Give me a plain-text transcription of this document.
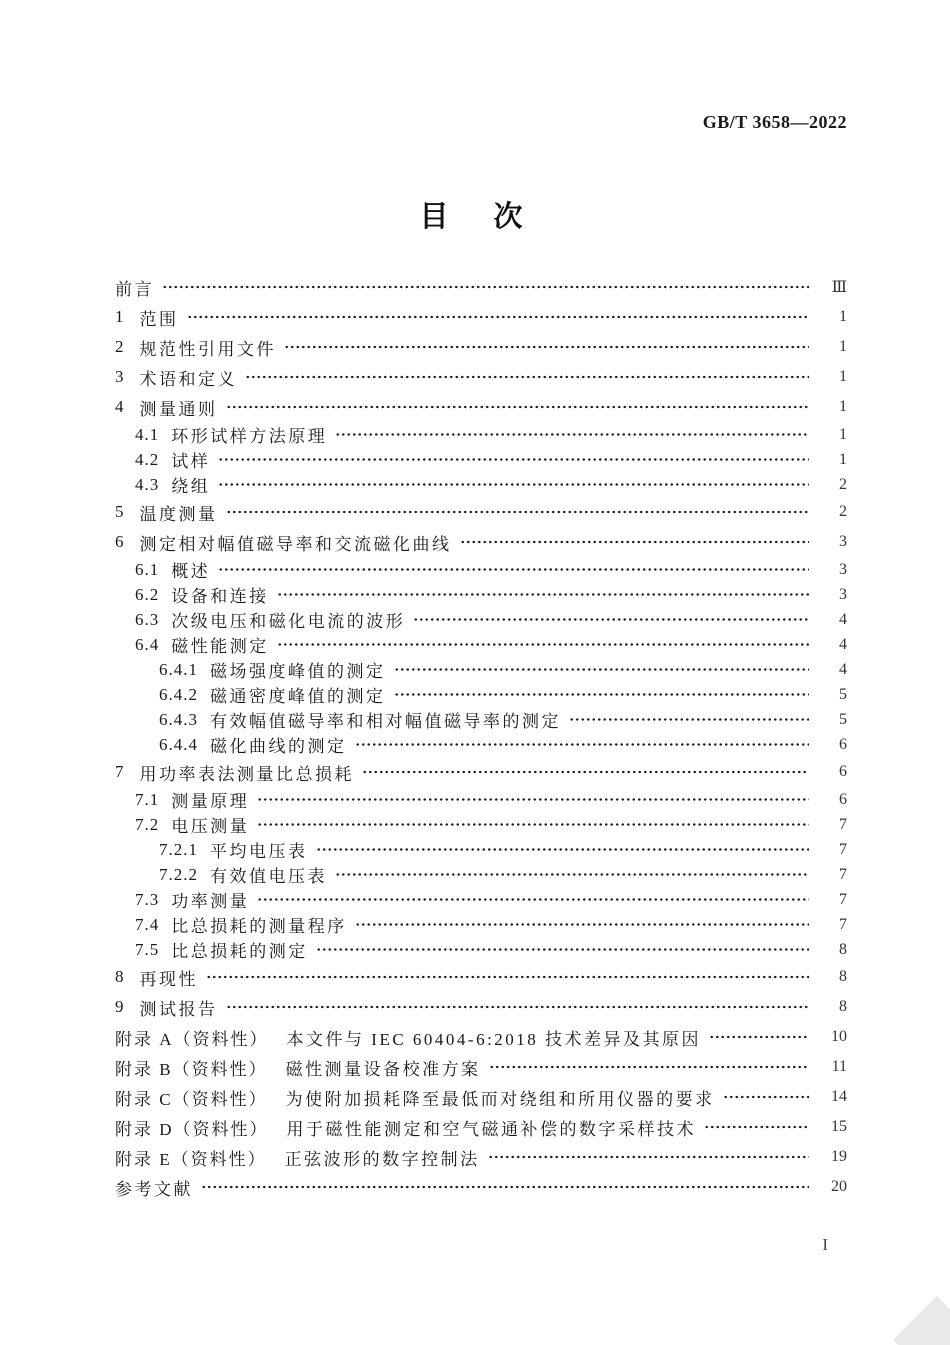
GB/T 3658—2022
目　次
前言	Ⅲ
1 范围	1
2 规范性引用文件	1
3 术语和定义	1
4 测量通则	1
4.1 环形试样方法原理	1
4.2 试样	1
4.3 绕组	2
5 温度测量	2
6 测定相对幅值磁导率和交流磁化曲线	3
6.1 概述	3
6.2 设备和连接	3
6.3 次级电压和磁化电流的波形	4
6.4 磁性能测定	4
6.4.1 磁场强度峰值的测定	4
6.4.2 磁通密度峰值的测定	5
6.4.3 有效幅值磁导率和相对幅值磁导率的测定	5
6.4.4 磁化曲线的测定	6
7 用功率表法测量比总损耗	6
7.1 测量原理	6
7.2 电压测量	7
7.2.1 平均电压表	7
7.2.2 有效值电压表	7
7.3 功率测量	7
7.4 比总损耗的测量程序	7
7.5 比总损耗的测定	8
8 再现性	8
9 测试报告	8
附录 A（资料性） 本文件与 IEC 60404-6:2018 技术差异及其原因	10
附录 B（资料性） 磁性测量设备校准方案	11
附录 C（资料性） 为使附加损耗降至最低而对绕组和所用仪器的要求	14
附录 D（资料性） 用于磁性能测定和空气磁通补偿的数字采样技术	15
附录 E（资料性） 正弦波形的数字控制法	19
参考文献	20
I
